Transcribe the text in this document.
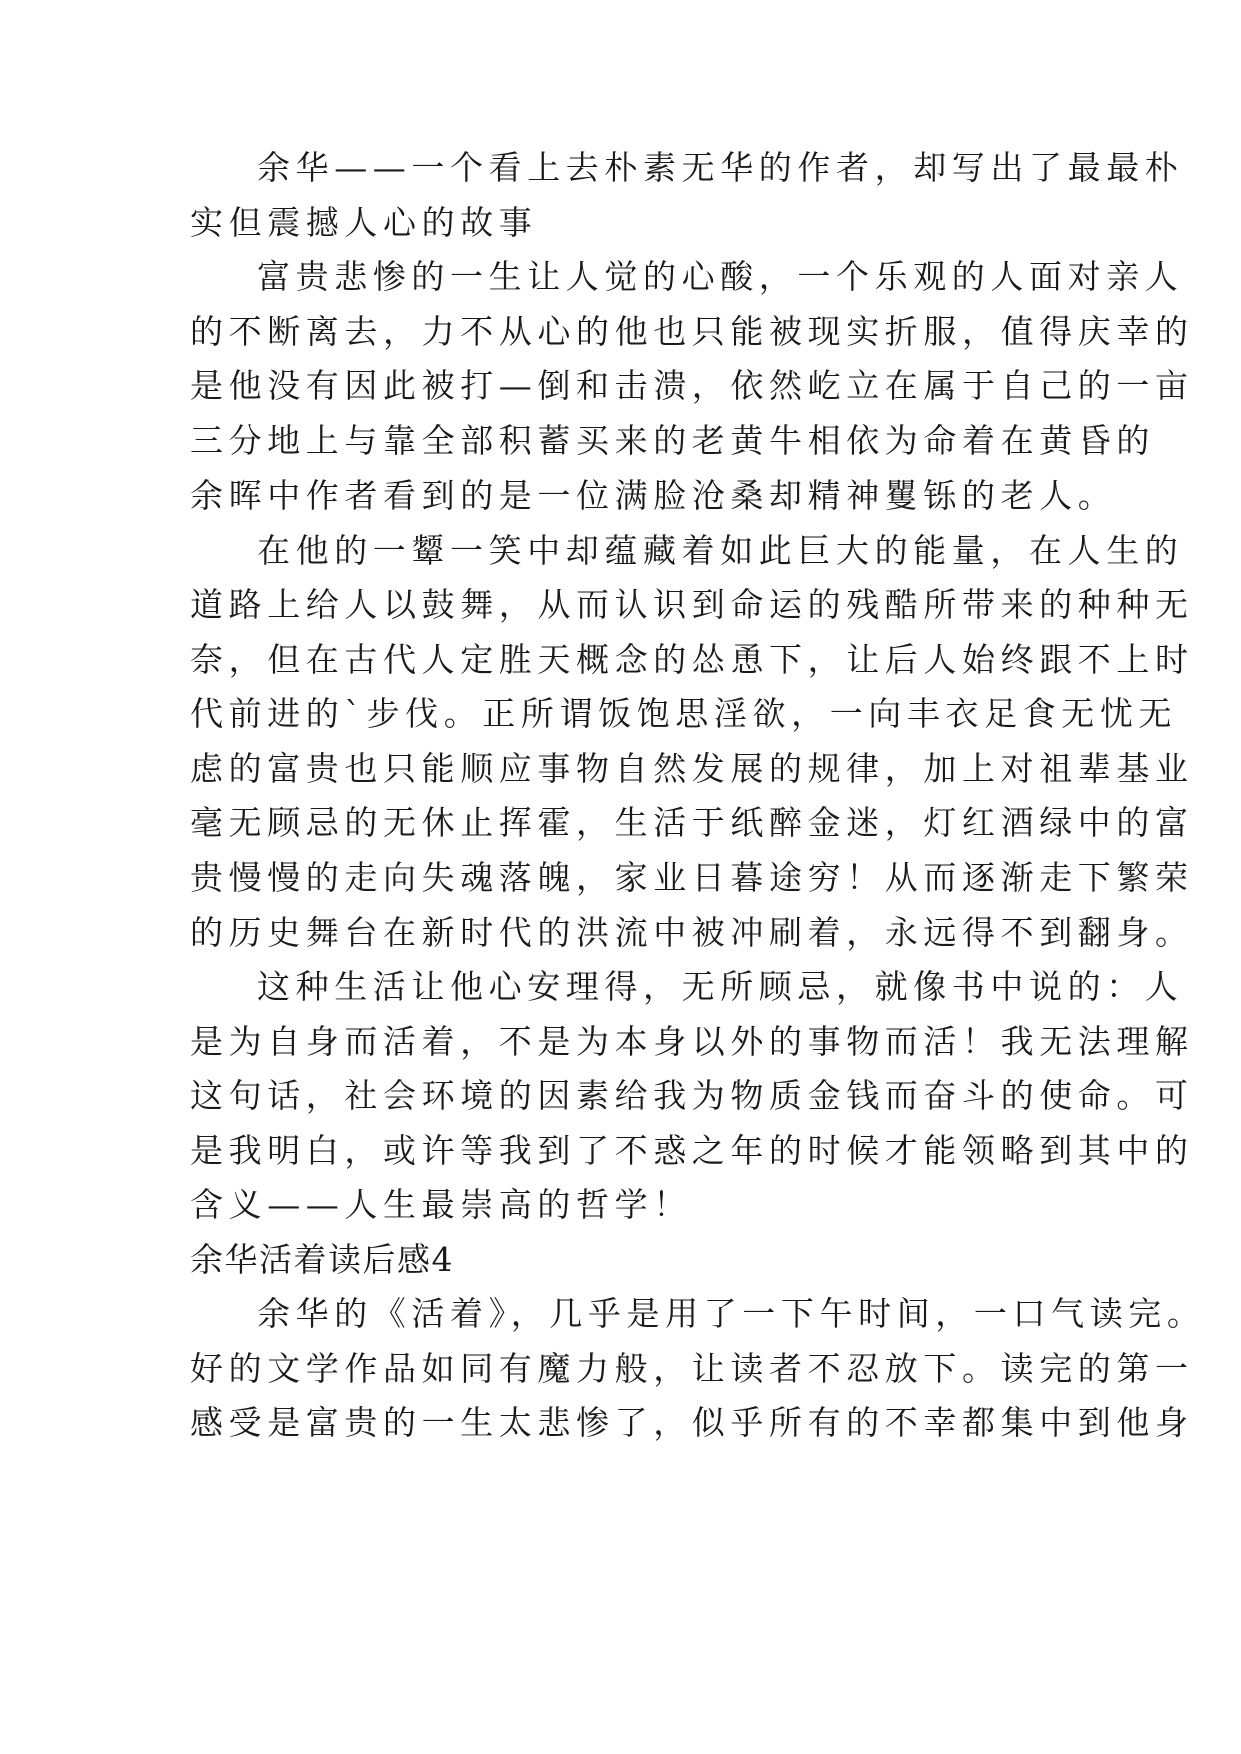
余华——一个看上去朴素无华的作者，却写出了最最朴
实但震撼人心的故事
富贵悲惨的一生让人觉的心酸，一个乐观的人面对亲人
的不断离去，力不从心的他也只能被现实折服，值得庆幸的
是他没有因此被打—倒和击溃，依然屹立在属于自己的一亩
三分地上与靠全部积蓄买来的老黄牛相依为命着在黄昏的
余晖中作者看到的是一位满脸沧桑却精神矍铄的老人。
在他的一颦一笑中却蕴藏着如此巨大的能量，在人生的
道路上给人以鼓舞，从而认识到命运的残酷所带来的种种无
奈，但在古代人定胜天概念的怂恿下，让后人始终跟不上时
代前进的`步伐。正所谓饭饱思淫欲，一向丰衣足食无忧无
虑的富贵也只能顺应事物自然发展的规律，加上对祖辈基业
毫无顾忌的无休止挥霍，生活于纸醉金迷，灯红酒绿中的富
贵慢慢的走向失魂落魄，家业日暮途穷！从而逐渐走下繁荣
的历史舞台在新时代的洪流中被冲刷着，永远得不到翻身。
这种生活让他心安理得，无所顾忌，就像书中说的：人
是为自身而活着，不是为本身以外的事物而活！我无法理解
这句话，社会环境的因素给我为物质金钱而奋斗的使命。可
是我明白，或许等我到了不惑之年的时候才能领略到其中的
含义——人生最崇高的哲学！
余华活着读后感4
余华的《活着》，几乎是用了一下午时间，一口气读完。
好的文学作品如同有魔力般，让读者不忍放下。读完的第一
感受是富贵的一生太悲惨了，似乎所有的不幸都集中到他身
